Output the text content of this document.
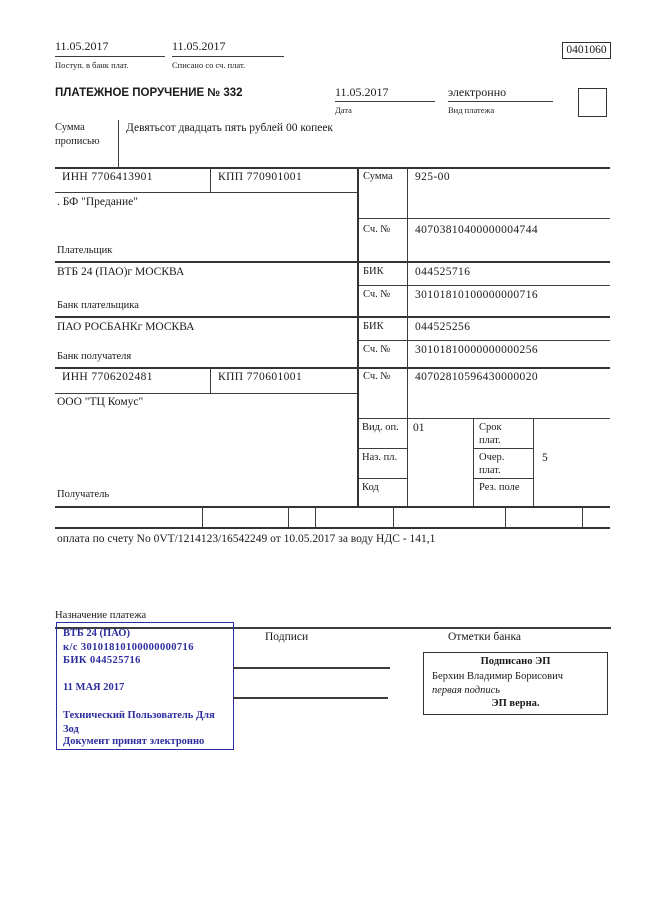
11.05.2017
Поступ. в банк плат.
11.05.2017
Списано со сч. плат.
0401060
ПЛАТЕЖНОЕ ПОРУЧЕНИЕ № 332	11.05.2017
Дата
электронно
Вид платежа
Сумма
прописью
Девятьсот двадцать пять рублей 00 копеек
ИНН 7706413901	КПП 770901001	Сумма 925-00
. БФ "Предание"
Сч. № 40703810400000004744
Плательщик
ВТБ 24 (ПАО)г МОСКВА	БИК	044525716
Сч. № 30101810100000000716
Банк плательщика
ПАО РОСБАНКг МОСКВА	БИК	044525256
Сч. № 30101810000000000256
Банк получателя
ИНН 7706202481	КПП 770601001	Сч. № 40702810596430000020
ООО "ТЦ Комус"
Получатель
Вид. оп. 01	Срок
плат.
Наз. пл.	Очер.
плат.
5
Код	Рез. поле
оплата по счету No 0VT/1214123/16542249 от 10.05.2017 за воду НДС - 141,1
Назначение платежа
Подписи	Отметки банка
ВТБ 24 (ПАО)
к/с 30101810100000000716
БИК 044525716
11 МАЯ 2017
Технический Пользователь Для Зод
Документ принят электронно
Подписано ЭП
Берхин Владимир Борисович
первая подпись
ЭП верна.
